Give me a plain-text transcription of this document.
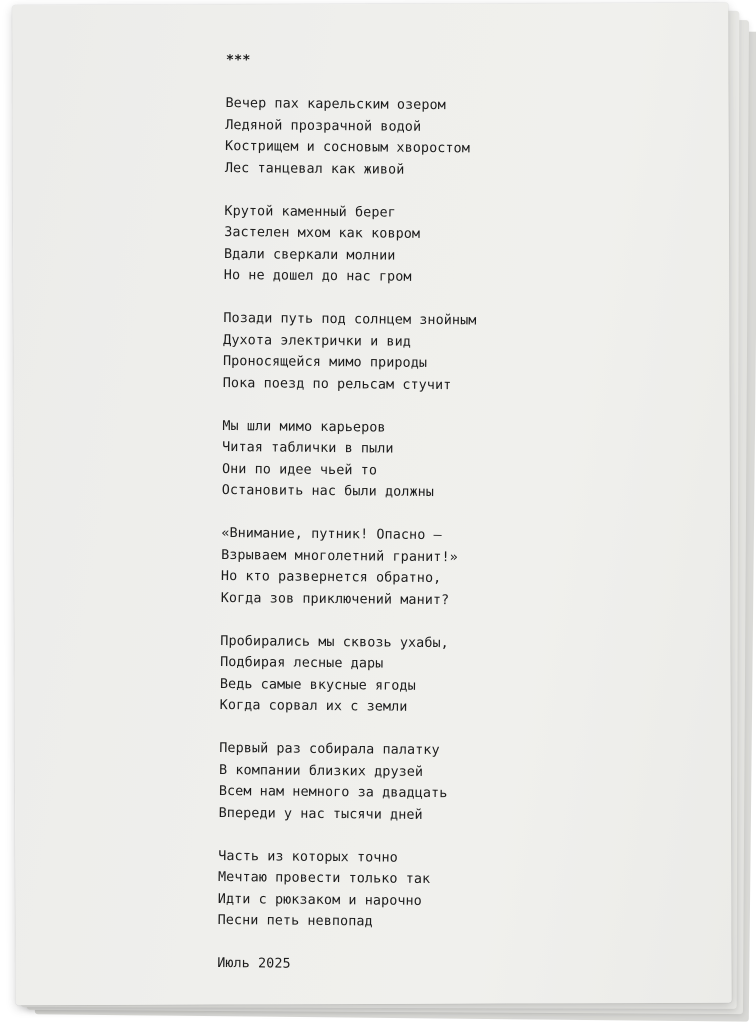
***
Вечер пах карельским озером
Ледяной прозрачной водой
Кострищем и сосновым хворостом
Лес танцевал как живой
Крутой каменный берег
Застелен мхом как ковром
Вдали сверкали молнии
Но не дошел до нас гром
Позади путь под солнцем знойным
Духота электрички и вид
Проносящейся мимо природы
Пока поезд по рельсам стучит
Мы шли мимо карьеров
Читая таблички в пыли
Они по идее чьей то
Остановить нас были должны
«Внимание, путник! Опасно —
Взрываем многолетний гранит!»
Но кто развернется обратно,
Когда зов приключений манит?
Пробирались мы сквозь ухабы,
Подбирая лесные дары
Ведь самые вкусные ягоды
Когда сорвал их с земли
Первый раз собирала палатку
В компании близких друзей
Всем нам немного за двадцать
Впереди у нас тысячи дней
Часть из которых точно
Мечтаю провести только так
Идти с рюкзаком и нарочно
Песни петь невпопад
Июль 2025
